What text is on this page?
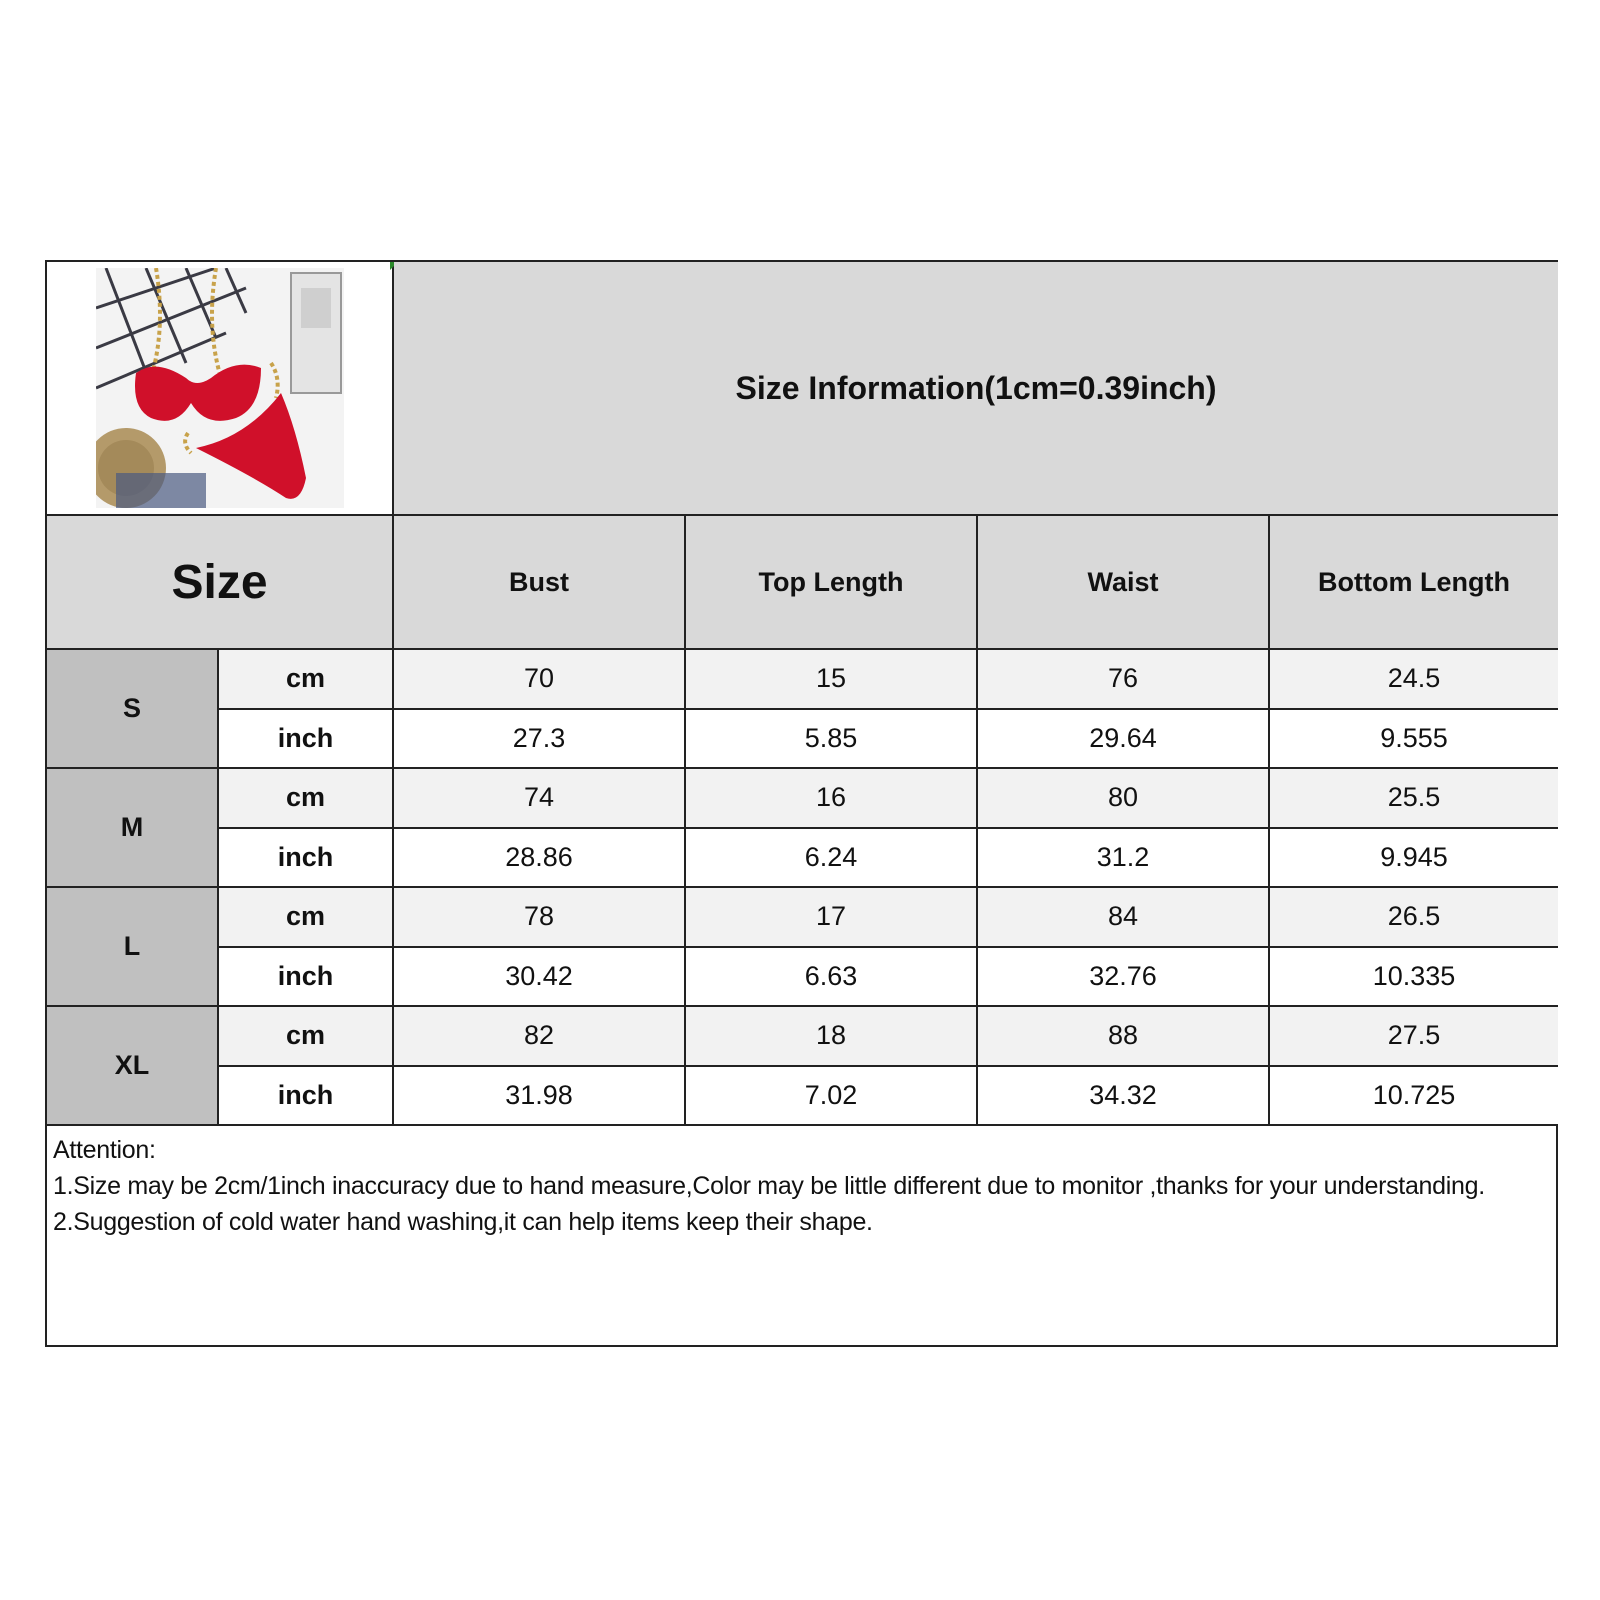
Size Information(1cm=0.39inch)
Size	Bust	Top Length	Waist	Bottom Length
S
cm	70	15	76	24.5
inch	27.3	5.85	29.64	9.555
M
cm	74	16	80	25.5
inch	28.86	6.24	31.2	9.945
L
cm	78	17	84	26.5
inch	30.42	6.63	32.76	10.335
XL
cm	82	18	88	27.5
inch	31.98	7.02	34.32	10.725

Attention:

1.Size may be 2cm/1inch inaccuracy due to hand measure,Color may be little different due to monitor ,thanks for your understanding.

2.Suggestion of cold water hand washing,it can help items keep their shape.
